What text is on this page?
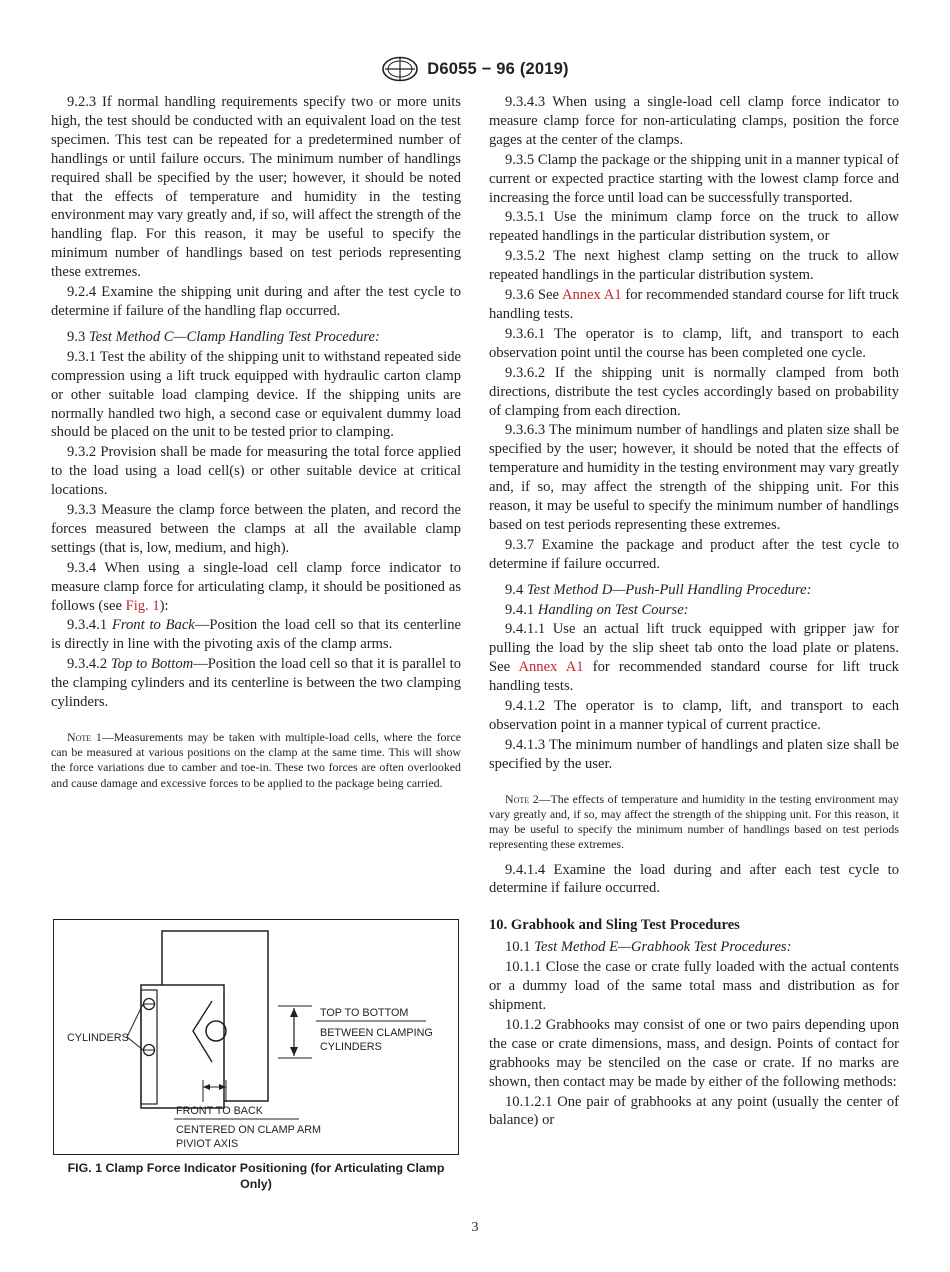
D6055 − 96 (2019)

9.2.3 If normal handling requirements specify two or more units high, the test should be conducted with an equivalent load on the test specimen. This test can be repeated for a predetermined number of handlings or until failure occurs. The minimum number of handlings required shall be specified by the user; however, it should be noted that the effects of temperature and humidity in the testing environment may vary greatly and, if so, will affect the strength of the handling flap. For this reason, it may be useful to specify the minimum number of handlings based on test periods representing these extremes.

9.2.4 Examine the shipping unit during and after the test cycle to determine if failure of the handling flap occurred.

9.3 Test Method C—Clamp Handling Test Procedure:

9.3.1 Test the ability of the shipping unit to withstand repeated side compression using a lift truck equipped with hydraulic carton clamp or other suitable load clamping device. If the shipping units are normally handled two high, a second case or equivalent dummy load should be placed on the unit to be tested prior to clamping.

9.3.2 Provision shall be made for measuring the total force applied to the load using a load cell(s) or other suitable device at critical locations.

9.3.3 Measure the clamp force between the platen, and record the forces measured between the clamps at all the available clamp settings (that is, low, medium, and high).

9.3.4 When using a single-load cell clamp force indicator to measure clamp force for articulating clamp, it should be positioned as follows (see Fig. 1):

9.3.4.1 Front to Back—Position the load cell so that its centerline is directly in line with the pivoting axis of the clamp arms.

9.3.4.2 Top to Bottom—Position the load cell so that it is parallel to the clamping cylinders and its centerline is between the two clamping cylinders.

Note 1—Measurements may be taken with multiple-load cells, where the force can be measured at various positions on the clamp at the same time. This will show the force variations due to camber and toe-in. These two forces are often overlooked and cause damage and excessive forces to be applied to the package being carried.

CYLINDERS
TOP TO BOTTOM
BETWEEN CLAMPING
CYLINDERS
FRONT TO BACK
CENTERED ON CLAMP ARM
PIVIOT AXIS
FIG. 1 Clamp Force Indicator Positioning (for Articulating Clamp Only)

9.3.4.3 When using a single-load cell clamp force indicator to measure clamp force for non-articulating clamps, position the force gages at the center of the clamps.

9.3.5 Clamp the package or the shipping unit in a manner typical of current or expected practice starting with the lowest clamp force and increasing the force until load can be successfully transported.

9.3.5.1 Use the minimum clamp force on the truck to allow repeated handlings in the particular distribution system, or

9.3.5.2 The next highest clamp setting on the truck to allow repeated handlings in the particular distribution system.

9.3.6 See Annex A1 for recommended standard course for lift truck handling tests.

9.3.6.1 The operator is to clamp, lift, and transport to each observation point until the course has been completed one cycle.

9.3.6.2 If the shipping unit is normally clamped from both directions, distribute the test cycles accordingly based on probability of clamping from each direction.

9.3.6.3 The minimum number of handlings and platen size shall be specified by the user; however, it should be noted that the effects of temperature and humidity in the testing environment may vary greatly and, if so, may affect the strength of the shipping unit. For this reason, it may be useful to specify the minimum number of handlings based on test periods representing these extremes.

9.3.7 Examine the package and product after the test cycle to determine if failure occurred.

9.4 Test Method D—Push-Pull Handling Procedure:

9.4.1 Handling on Test Course:

9.4.1.1 Use an actual lift truck equipped with gripper jaw for pulling the load by the slip sheet tab onto the load plate or platens. See Annex A1 for recommended standard course for lift truck handling tests.

9.4.1.2 The operator is to clamp, lift, and transport to each observation point in a manner typical of current practice.

9.4.1.3 The minimum number of handlings and platen size shall be specified by the user.

Note 2—The effects of temperature and humidity in the testing environment may vary greatly and, if so, may affect the strength of the shipping unit. For this reason, it may be useful to specify the minimum number of handlings based on test periods representing these extremes.

9.4.1.4 Examine the load during and after each test cycle to determine if failure occurred.

10. Grabhook and Sling Test Procedures

10.1 Test Method E—Grabhook Test Procedures:

10.1.1 Close the case or crate fully loaded with the actual contents or a dummy load of the same total mass and distribution as for shipment.

10.1.2 Grabhooks may consist of one or two pairs depending upon the case or crate dimensions, mass, and design. Points of contact for grabhooks may be stenciled on the case or crate. If no marks are shown, then contact may be made by either of the following methods:

10.1.2.1 One pair of grabhooks at any point (usually the center of balance) or

3
